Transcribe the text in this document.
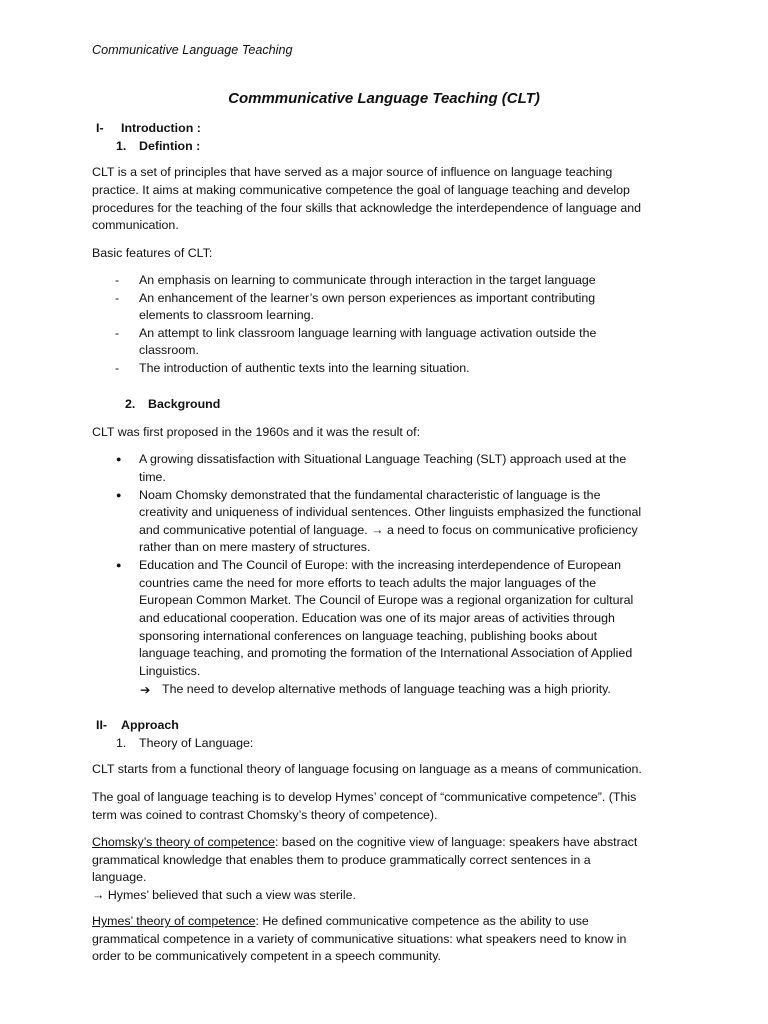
Communicative Language Teaching
Commmunicative Language Teaching (CLT)
I- Introduction :
1. Defintion :
CLT is a set of principles that have served as a major source of influence on language teaching
practice. It aims at making communicative competence the goal of language teaching and develop
procedures for the teaching of the four skills that acknowledge the interdependence of language and
communication.
Basic features of CLT:
- An emphasis on learning to communicate through interaction in the target language
- An enhancement of the learner’s own person experiences as important contributing
elements to classroom learning.
- An attempt to link classroom language learning with language activation outside the
classroom.
- The introduction of authentic texts into the learning situation.
2. Background
CLT was first proposed in the 1960s and it was the result of:
● A growing dissatisfaction with Situational Language Teaching (SLT) approach used at the
time.
● Noam Chomsky demonstrated that the fundamental characteristic of language is the
creativity and uniqueness of individual sentences. Other linguists emphasized the functional
and communicative potential of language. → a need to focus on communicative proficiency
rather than on mere mastery of structures.
● Education and The Council of Europe: with the increasing interdependence of European
countries came the need for more efforts to teach adults the major languages of the
European Common Market. The Council of Europe was a regional organization for cultural
and educational cooperation. Education was one of its major areas of activities through
sponsoring international conferences on language teaching, publishing books about
language teaching, and promoting the formation of the International Association of Applied
Linguistics.
➔ The need to develop alternative methods of language teaching was a high priority.
II- Approach
1. Theory of Language:
CLT starts from a functional theory of language focusing on language as a means of communication.
The goal of language teaching is to develop Hymes’ concept of “communicative competence”. (This
term was coined to contrast Chomsky’s theory of competence).
Chomsky’s theory of competence: based on the cognitive view of language: speakers have abstract
grammatical knowledge that enables them to produce grammatically correct sentences in a
language.
→ Hymes’ believed that such a view was sterile.
Hymes’ theory of competence: He defined communicative competence as the ability to use
grammatical competence in a variety of communicative situations: what speakers need to know in
order to be communicatively competent in a speech community.
